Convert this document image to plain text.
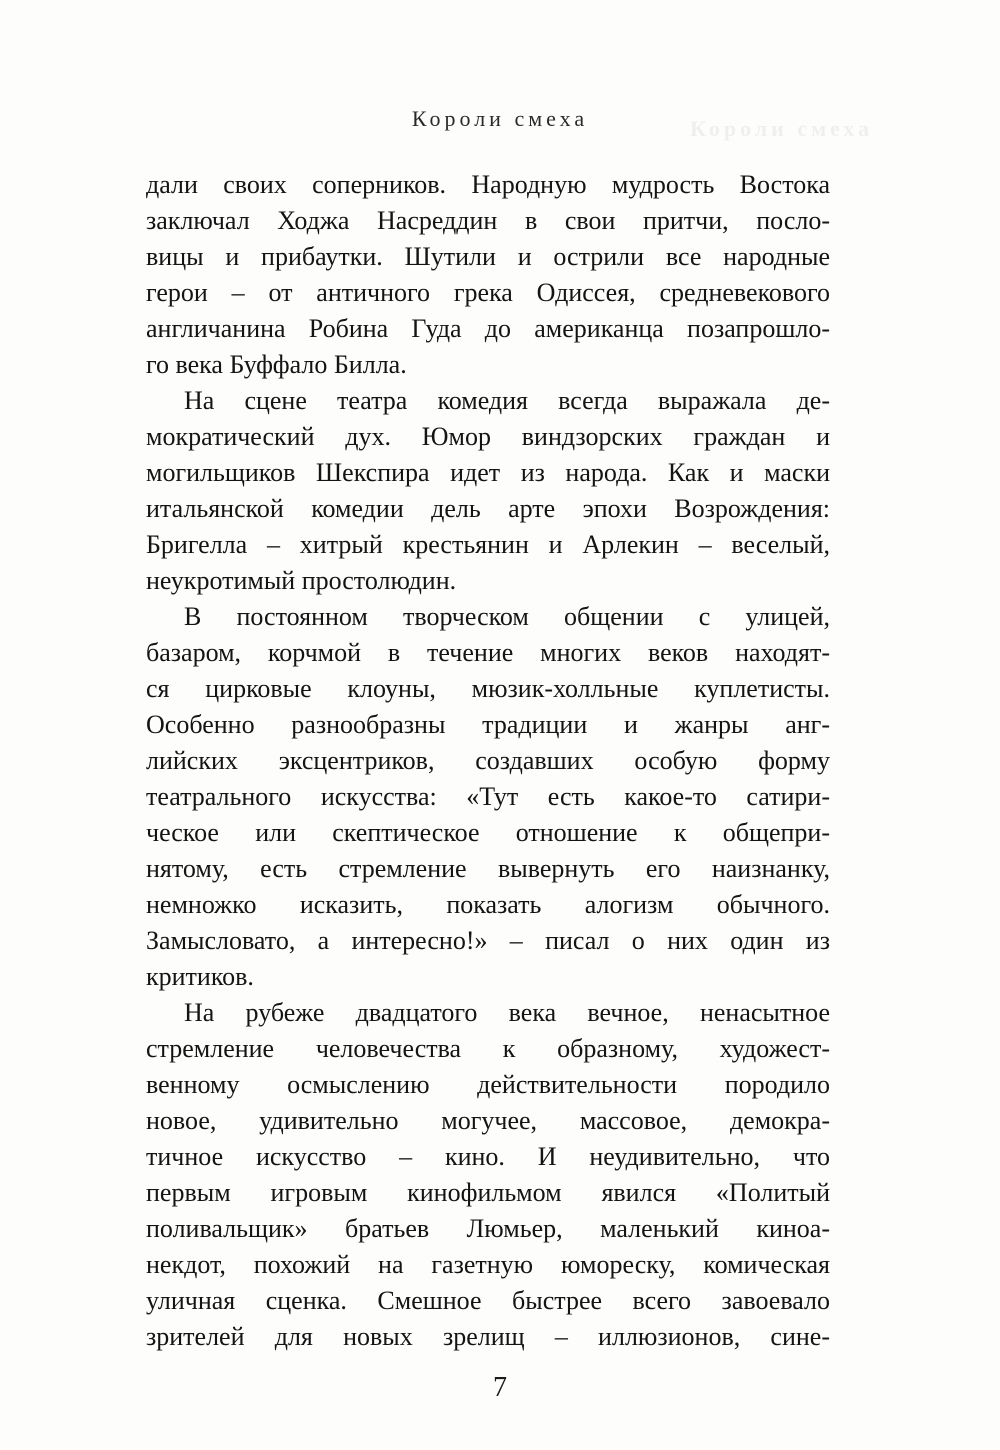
Короли смеха
Короли смеха
дали своих соперников. Народную мудрость Востока
заключал Ходжа Насреддин в свои притчи, посло-
вицы и прибаутки. Шутили и острили все народные
герои – от античного грека Одиссея, средневекового
англичанина Робина Гуда до американца позапрошло-
го века Буффало Билла.
На сцене театра комедия всегда выражала де-
мократический дух. Юмор виндзорских граждан и
могильщиков Шекспира идет из народа. Как и маски
итальянской комедии дель арте эпохи Возрождения:
Бригелла – хитрый крестьянин и Арлекин – веселый,
неукротимый простолюдин.
В постоянном творческом общении с улицей,
базаром, корчмой в течение многих веков находят-
ся цирковые клоуны, мюзик-холльные куплетисты.
Особенно разнообразны традиции и жанры анг-
лийских эксцентриков, создавших особую форму
театрального искусства: «Тут есть какое-то сатири-
ческое или скептическое отношение к общепри-
нятому, есть стремление вывернуть его наизнанку,
немножко исказить, показать алогизм обычного.
Замысловато, а интересно!» – писал о них один из
критиков.
На рубеже двадцатого века вечное, ненасытное
стремление человечества к образному, художест-
венному осмыслению действительности породило
новое, удивительно могучее, массовое, демокра-
тичное искусство – кино. И неудивительно, что
первым игровым кинофильмом явился «Политый
поливальщик» братьев Люмьер, маленький киноа-
некдот, похожий на газетную юмореску, комическая
уличная сценка. Смешное быстрее всего завоевало
7
зрителей для новых зрелищ – иллюзионов, сине-
